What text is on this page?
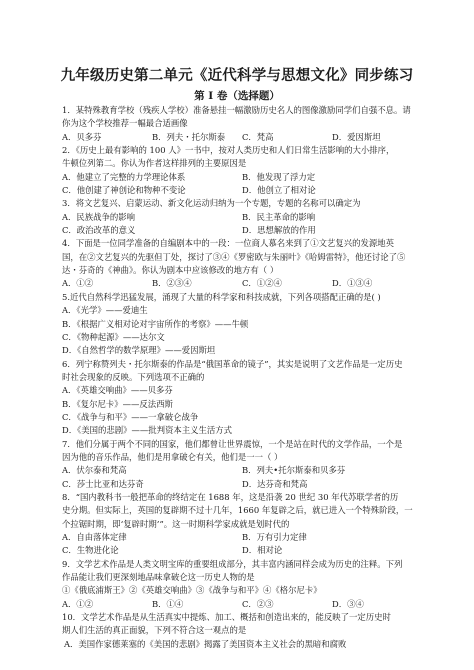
九年级历史第二单元《近代科学与思想文化》同步练习
第 I 卷（选择题）
1．某特殊教育学校（残疾人学校）准备悬挂一幅激励历史名人的图像激励同学们自强不息。请
你为这个学校推荐一幅最合适画像
A．贝多芬	B．列夫・托尔斯泰	C．梵高	D．爱因斯坦
2．《历史上最有影响的 100 人》一书中，按对人类历史和人们日常生活影响的大小排序，
牛顿位列第二。你认为作者这样排列的主要原因是
A．他建立了完整的力学理论体系	B．他发现了浮力定
C．他创建了神创论和物种不变论	D．他创立了相对论
3．将文艺复兴、启蒙运动、新文化运动归纳为一个专题，专题的名称可以确定为
A．民族战争的影响	B．民主革命的影响
C．政治改革的意义	D．思想解放的作用
4．下面是一位同学准备的自编剧本中的一段：一位商人慕名来到了①文艺复兴的发源地英
国，在②文艺复兴的先驱但丁处，探讨了③④《罗密欧与朱丽叶》《哈姆雷特》，他还讨论了⑤
达・芬奇的《神曲》。你认为剧本中应该修改的地方有（ ）
A．①②	B．②③④	C．①②④	D．①③④
5.近代自然科学迅猛发展，涌现了大量的科学家和科技成就，下列各项搭配正确的是( )
A．《光学》——爱迪生
B．《根据广义相对论对宇宙所作的考察》——牛顿
C．《物种起源》——达尔文
D．《自然哲学的数学原理》——爱因斯坦
6．列宁称赞列夫・托尔斯泰的作品是“俄国革命的镜子”，其实是说明了文艺作品是一定历史
时社会现象的反映。下列选项不正确的
A．《英雄交响曲》——贝多芬
B．《复尔尼卡》——反法西斯
C．《战争与和平》——一拿破仑战争
D．《美国的悲剧》——批判资本主义生活方式
7．他们分属于两个不同的国家，他们都曾让世界震惊，一个是站在时代的文学作品，一个是
因为他的音乐作品，他们是用拿破仑有关，他们是一一（ ）
A．伏尔泰和梵高	B．列夫•托尔斯泰和贝多芬
C．莎士比亚和达芬奇	D．达芬奇和梵高
8．“国内教科书一般把革命的终结定在 1688 年，这是沿袭 20 世纪 30 年代苏联学者的历
史分期。但实际上，英国的复辟期不过十几年，1660 年复辟之后，就已进入一个特殊阶段，一
个拉锯时期，即‘复辟时期’”。这一时期科学家成就是划时代的
A．自由落体定律	B．万有引力定律
C．生物进化论	D．相对论
9．文学艺术作品是人类文明宝库的重要组成部分，其丰富内涵同样会成为历史的注释。下列
作品能让我们更深刻地品味拿破仑这一历史人物的是
①《俄底浦斯王》②《英雄交响曲》③《战争与和平》④《格尔尼卡》
A．①②	B．①④	C．②③	D．③④
10．文学艺术作品是从生活真实中提炼、加工、概括和创造出来的，能反映了一定历史时
期人们生活的真正面貌，下列不符合这一观点的是
A．美国作家德莱塞的《美国的悲剧》揭露了美国资本主义社会的黑暗和腐败
